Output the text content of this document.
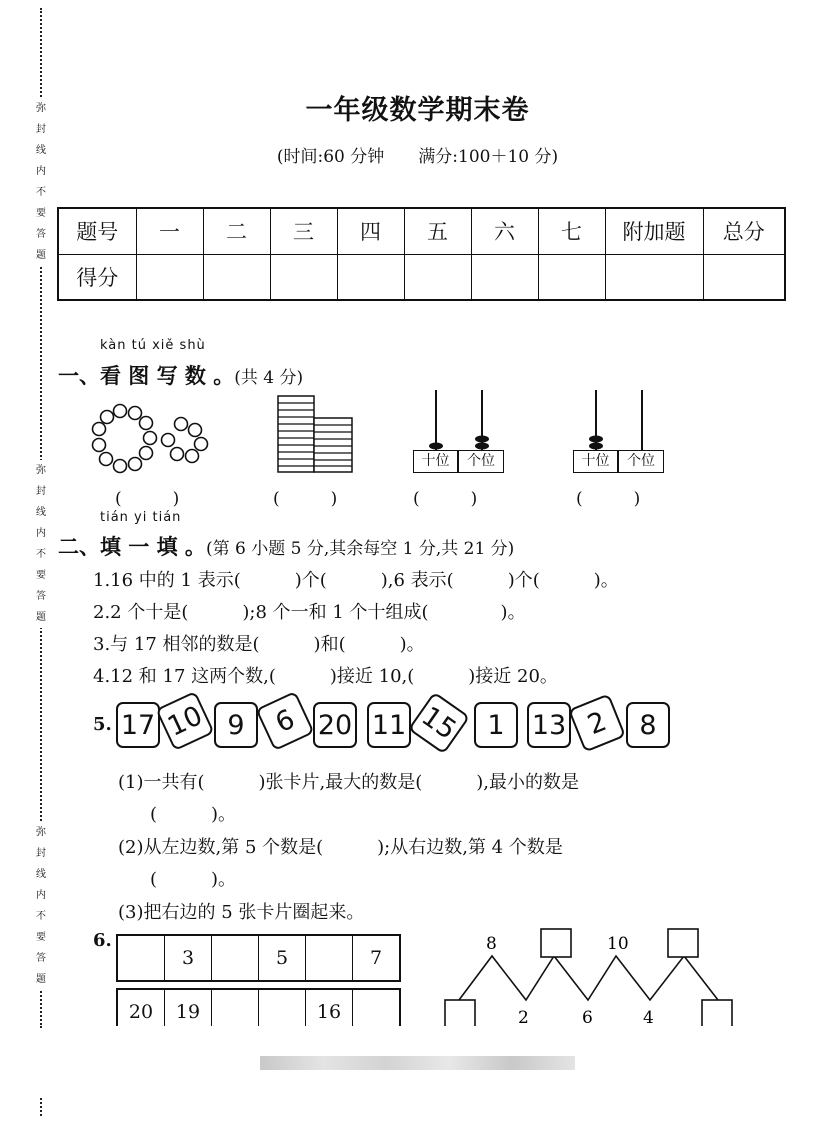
弥封线内不要答题
弥封线内不要答题
弥封线内不要答题
一年级数学期末卷
(时间:60 分钟　　满分:100＋10 分)
题号	一	二	三	四	五	六	七	附加题	总分
得分									
kàn tú xiě shù
一、看 图 写 数 。(共 4 分)
十位	个位	十位	个位
(　　　)	(　　　)	(　　　)	(　　　)
tián yi tián
二、填 一 填 。(第 6 小题 5 分,其余每空 1 分,共 21 分)
1.16 中的 1 表示(　　　)个(　　　),6 表示(　　　)个(　　　)。
2.2 个十是(　　　);8 个一和 1 个十组成(　　　　)。
3.与 17 相邻的数是(　　　)和(　　　)。
4.12 和 17 这两个数,(　　　)接近 10,(　　　)接近 20。
5. 17 10 9 6 20 11 15 1	13 2	8
(1)一共有(　　　)张卡片,最大的数是(　　　),最小的数是
(　　　)。
(2)从左边数,第 5 个数是(　　　);从右边数,第 4 个数是
(　　　)。
(3)把右边的 5 张卡片圈起来。
6.
	3		5		7
20	19			16	
8	10
2	6	4
